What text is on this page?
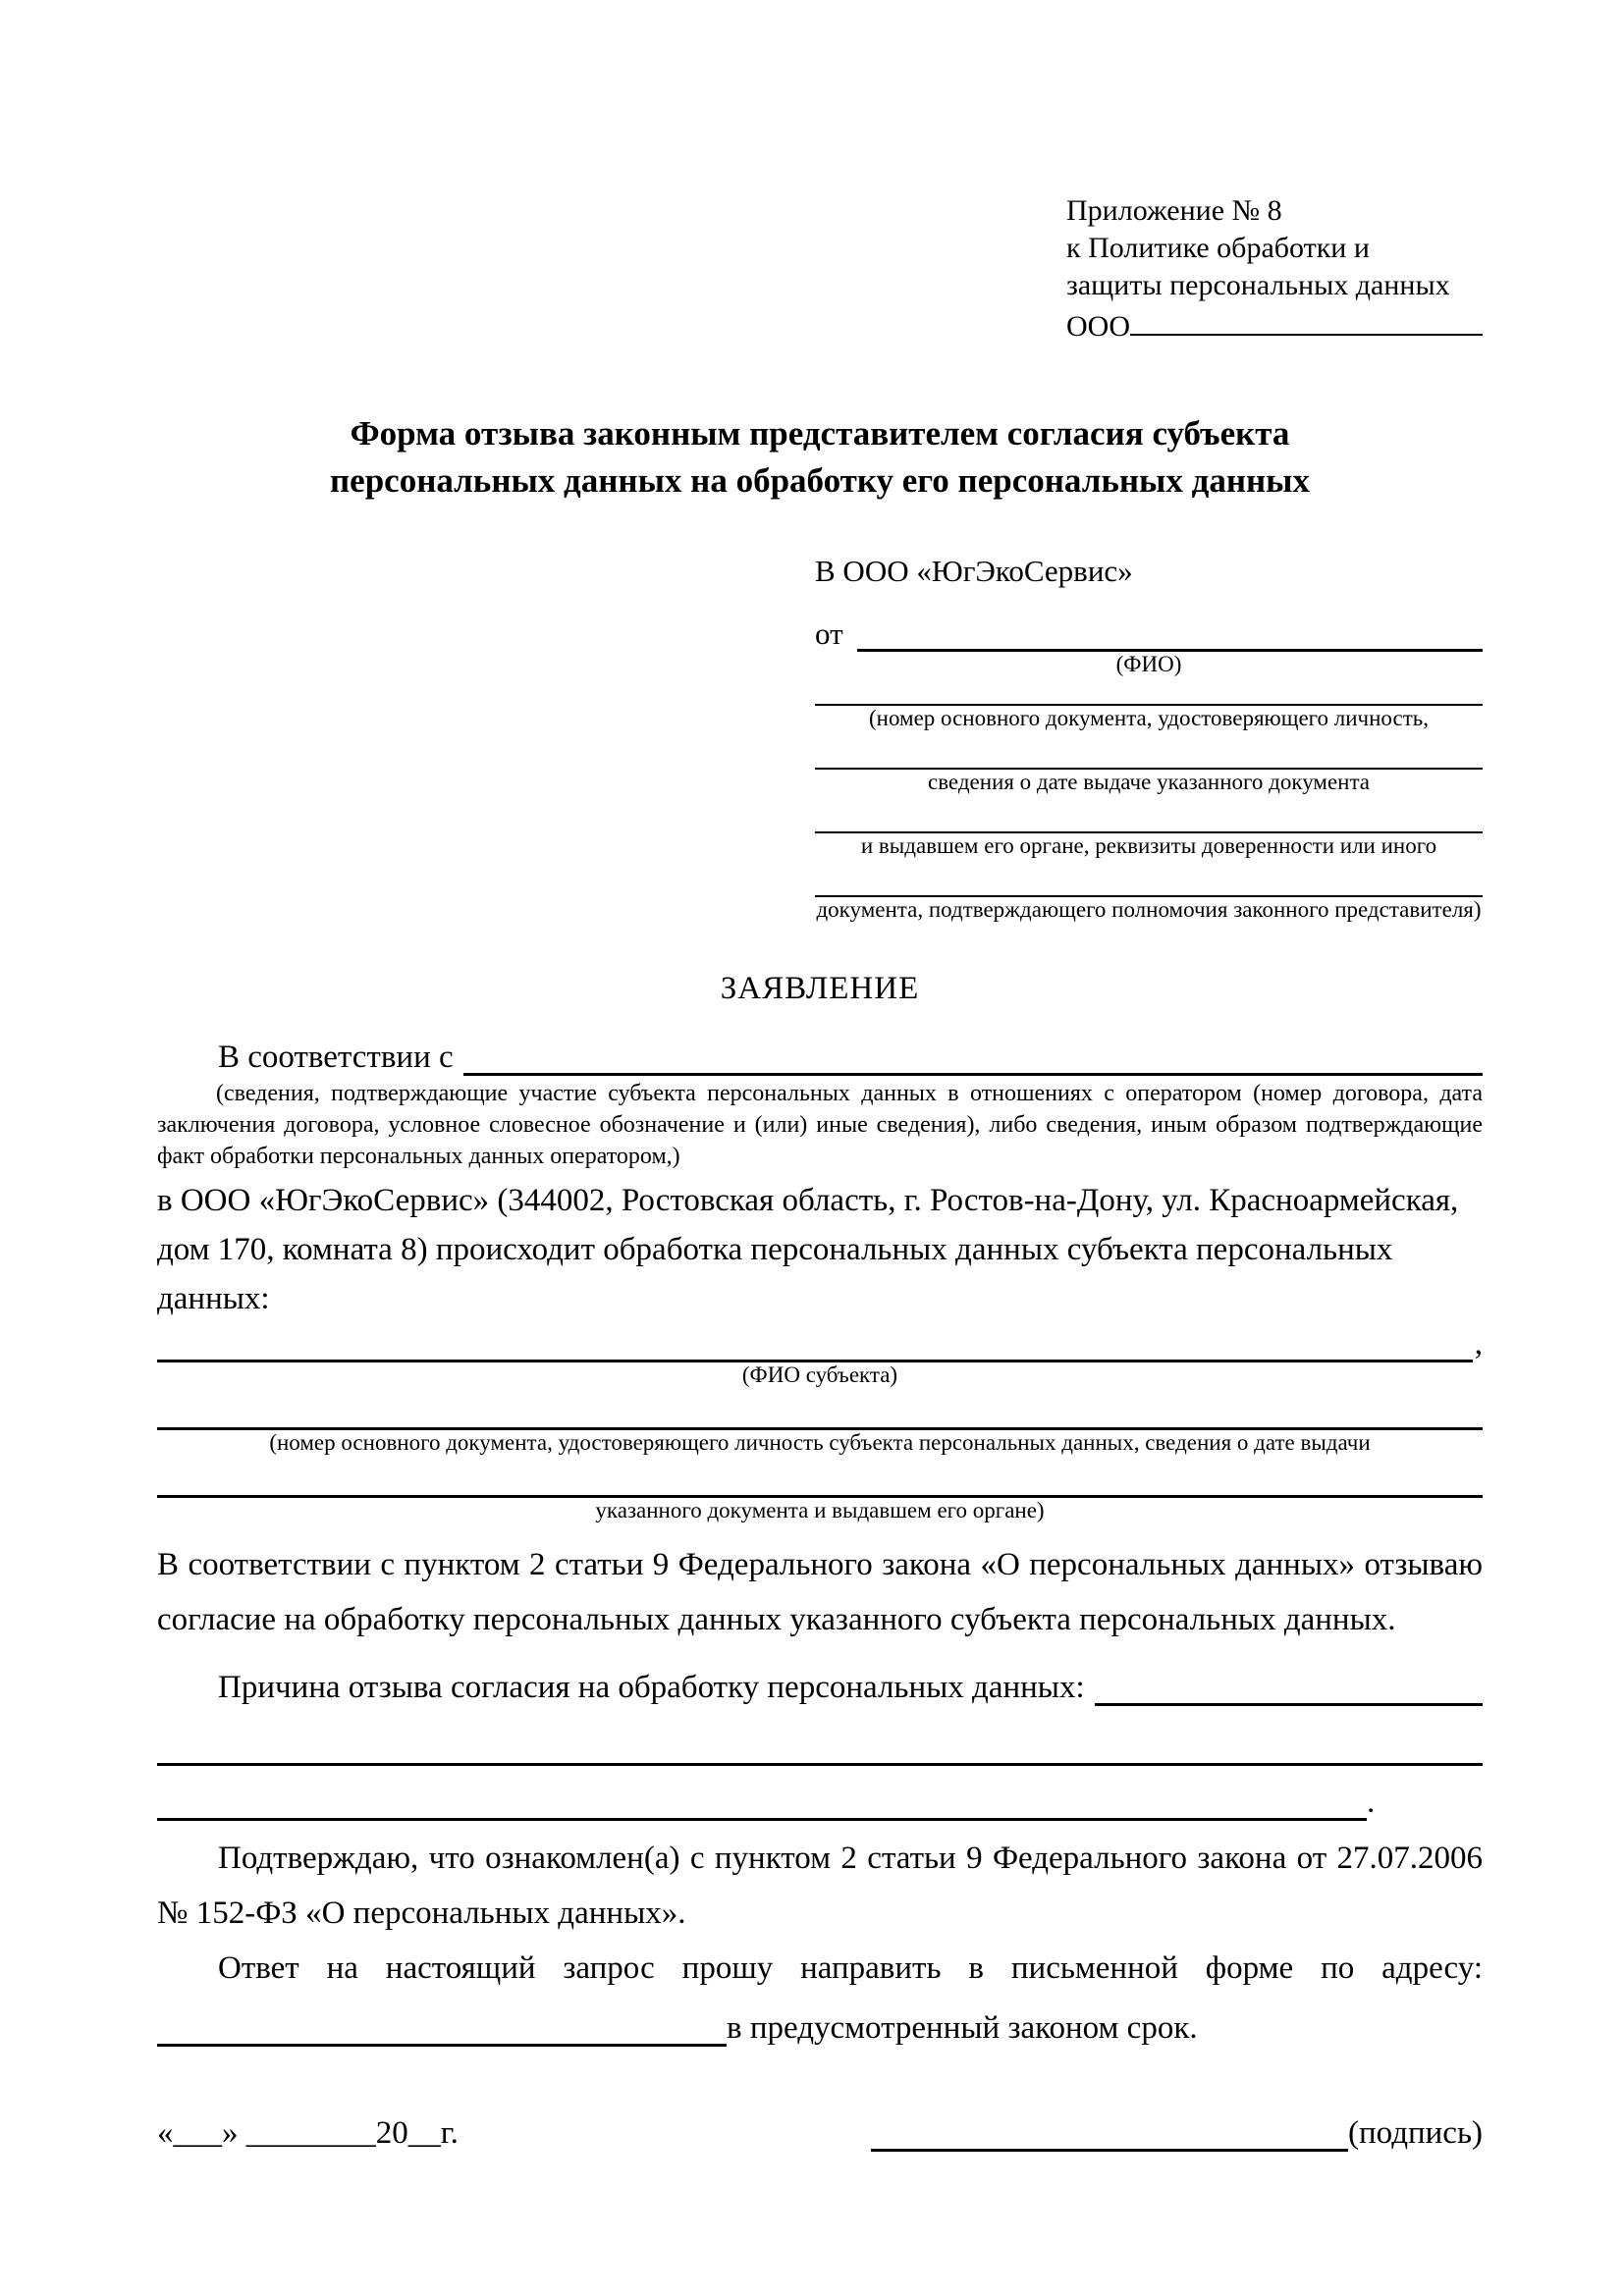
Приложение № 8
к Политике обработки и
защиты персональных данных
ООО
Форма отзыва законным представителем согласия субъекта
персональных данных на обработку его персональных данных
В ООО «ЮгЭкоСервис»
от
(ФИО)
(номер основного документа, удостоверяющего личность,
сведения о дате выдаче указанного документа
и выдавшем его органе, реквизиты доверенности или иного
документа, подтверждающего полномочия законного представителя)
ЗАЯВЛЕНИЕ
В соответствии с
(сведения, подтверждающие участие субъекта персональных данных в отношениях с оператором (номер договора, дата заключения договора, условное словесное обозначение и (или) иные сведения), либо сведения, иным образом подтверждающие факт обработки персональных данных оператором,)

в ООО «ЮгЭкоСервис» (344002, Ростовская область, г. Ростов-на-Дону, ул. Красноармейская, дом 170, комната 8) происходит обработка персональных данных субъекта персональных данных:

,
(ФИО субъекта)
(номер основного документа, удостоверяющего личность субъекта персональных данных, сведения о дате выдачи
указанного документа и выдавшем его органе)

В соответствии с пунктом 2 статьи 9 Федерального закона «О персональных данных» отзываю согласие на обработку персональных данных указанного субъекта персональных данных.

Причина отзыва согласия на обработку персональных данных:
.

Подтверждаю, что ознакомлен(а) с пунктом 2 статьи 9 Федерального закона от 27.07.2006 № 152-ФЗ «О персональных данных».

Ответ на настоящий запрос прошу направить в письменной форме по адресу:

в предусмотренный законом срок.
«___» ________20__г.	(подпись)
